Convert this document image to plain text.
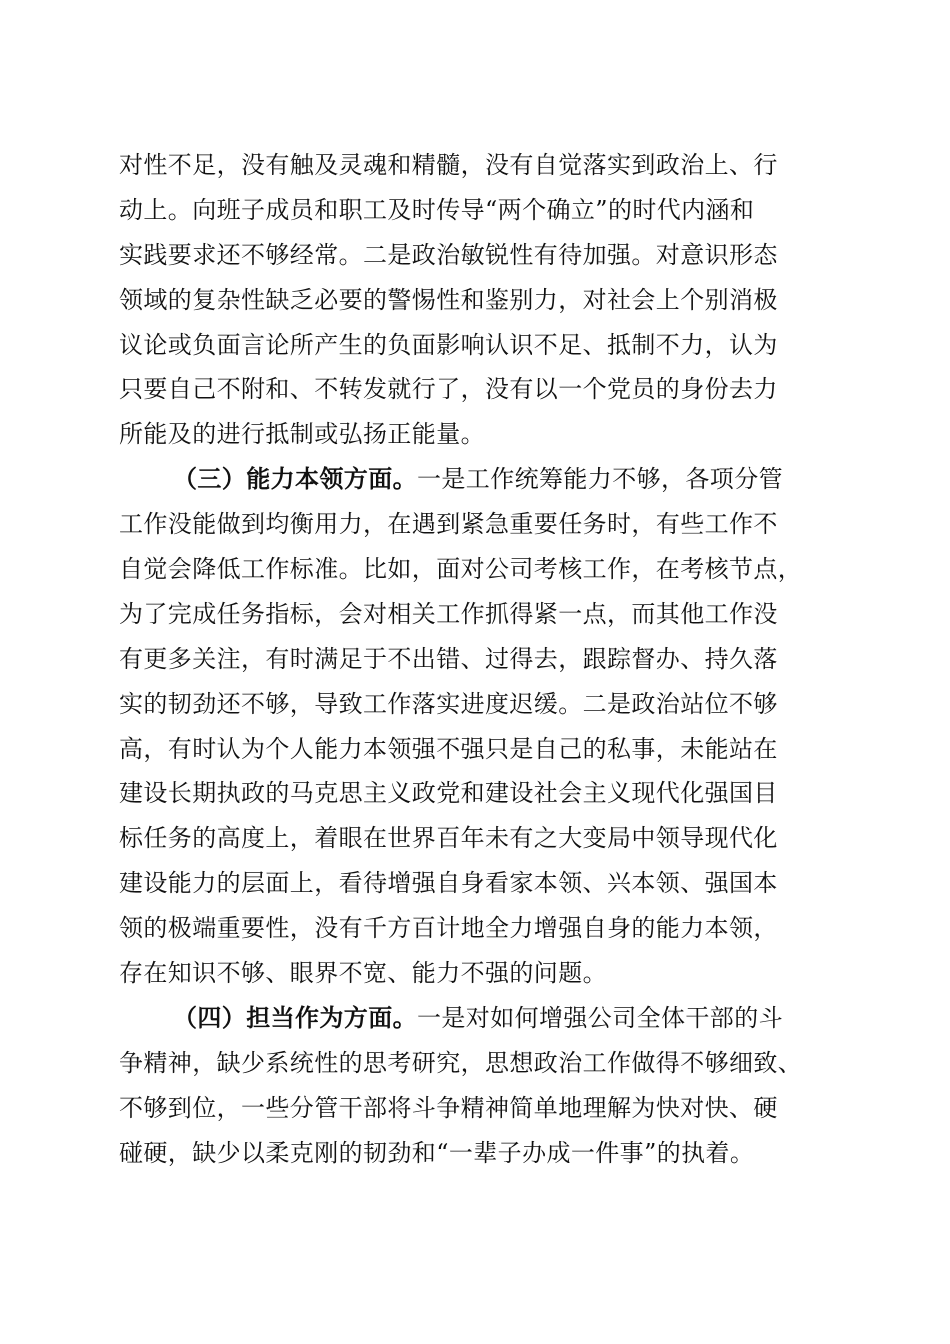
对性不足，没有触及灵魂和精髓，没有自觉落实到政治上、行
动上。向班子成员和职工及时传导“两个确立”的时代内涵和
实践要求还不够经常。二是政治敏锐性有待加强。对意识形态
领域的复杂性缺乏必要的警惕性和鉴别力，对社会上个别消极
议论或负面言论所产生的负面影响认识不足、抵制不力，认为
只要自己不附和、不转发就行了，没有以一个党员的身份去力
所能及的进行抵制或弘扬正能量。
（三）能力本领方面。一是工作统筹能力不够，各项分管
工作没能做到均衡用力，在遇到紧急重要任务时，有些工作不
自觉会降低工作标准。比如，面对公司考核工作，在考核节点，
为了完成任务指标，会对相关工作抓得紧一点，而其他工作没
有更多关注，有时满足于不出错、过得去，跟踪督办、持久落
实的韧劲还不够，导致工作落实进度迟缓。二是政治站位不够
高，有时认为个人能力本领强不强只是自己的私事，未能站在
建设长期执政的马克思主义政党和建设社会主义现代化强国目
标任务的高度上，着眼在世界百年未有之大变局中领导现代化
建设能力的层面上，看待增强自身看家本领、兴本领、强国本
领的极端重要性，没有千方百计地全力增强自身的能力本领，
存在知识不够、眼界不宽、能力不强的问题。
（四）担当作为方面。一是对如何增强公司全体干部的斗
争精神，缺少系统性的思考研究，思想政治工作做得不够细致、
不够到位，一些分管干部将斗争精神简单地理解为快对快、硬
碰硬，缺少以柔克刚的韧劲和“一辈子办成一件事”的执着。
